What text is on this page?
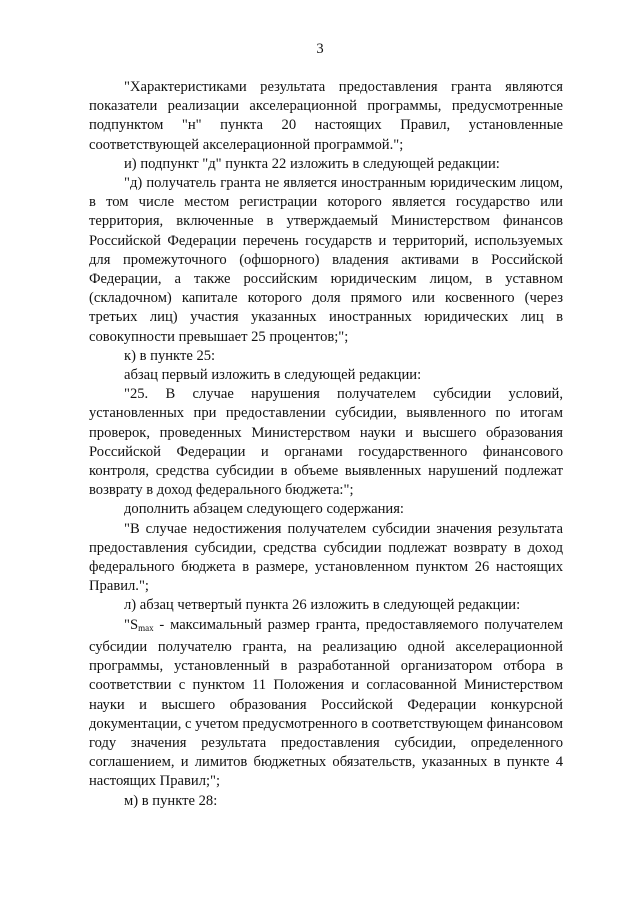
3

"Характеристиками результата предоставления гранта являются показатели реализации акселерационной программы, предусмотренные подпунктом "н" пункта 20 настоящих Правил, установленные соответствующей акселерационной программой.";

и) подпункт "д" пункта 22 изложить в следующей редакции:

"д) получатель гранта не является иностранным юридическим лицом, в том числе местом регистрации которого является государство или территория, включенные в утверждаемый Министерством финансов Российской Федерации перечень государств и территорий, используемых для промежуточного (офшорного) владения активами в Российской Федерации, а также российским юридическим лицом, в уставном (складочном) капитале которого доля прямого или косвенного (через третьих лиц) участия указанных иностранных юридических лиц в совокупности превышает 25 процентов;";

к) в пункте 25:

абзац первый изложить в следующей редакции:

"25. В случае нарушения получателем субсидии условий, установленных при предоставлении субсидии, выявленного по итогам проверок, проведенных Министерством науки и высшего образования Российской Федерации и органами государственного финансового контроля, средства субсидии в объеме выявленных нарушений подлежат возврату в доход федерального бюджета:";

дополнить абзацем следующего содержания:

"В случае недостижения получателем субсидии значения результата предоставления субсидии, средства субсидии подлежат возврату в доход федерального бюджета в размере, установленном пунктом 26 настоящих Правил.";

л) абзац четвертый пункта 26 изложить в следующей редакции:

"$S_{max}$ - максимальный размер гранта, предоставляемого получателем субсидии получателю гранта, на реализацию одной акселерационной программы, установленный в разработанной организатором отбора в соответствии с пунктом 11 Положения и согласованной Министерством науки и высшего образования Российской Федерации конкурсной документации, с учетом предусмотренного в соответствующем финансовом году значения результата предоставления субсидии, определенного соглашением, и лимитов бюджетных обязательств, указанных в пункте 4 настоящих Правил;";

м) в пункте 28:
